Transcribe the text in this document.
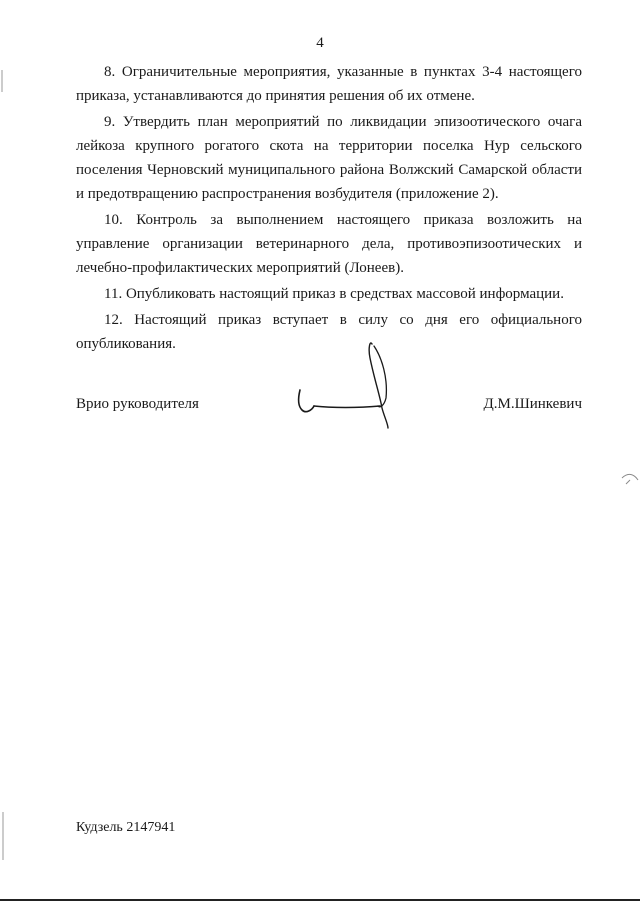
4

8. Ограничительные мероприятия, указанные в пунктах 3-4 настоящего приказа, устанавливаются до принятия решения об их отмене.

9. Утвердить план мероприятий по ликвидации эпизоотического очага лейкоза крупного рогатого скота на территории поселка Нур сельского поселения Черновский муниципального района Волжский Самарской области и предотвращению распространения возбудителя (приложение 2).

10. Контроль за выполнением настоящего приказа возложить на управление организации ветеринарного дела, противоэпизоотических и лечебно-профилактических мероприятий (Лонеев).

11. Опубликовать настоящий приказ в средствах массовой информации.

12. Настоящий приказ вступает в силу со дня его официального опубликования.

Врио руководителя	Д.М.Шинкевич
Кудзель 2147941
